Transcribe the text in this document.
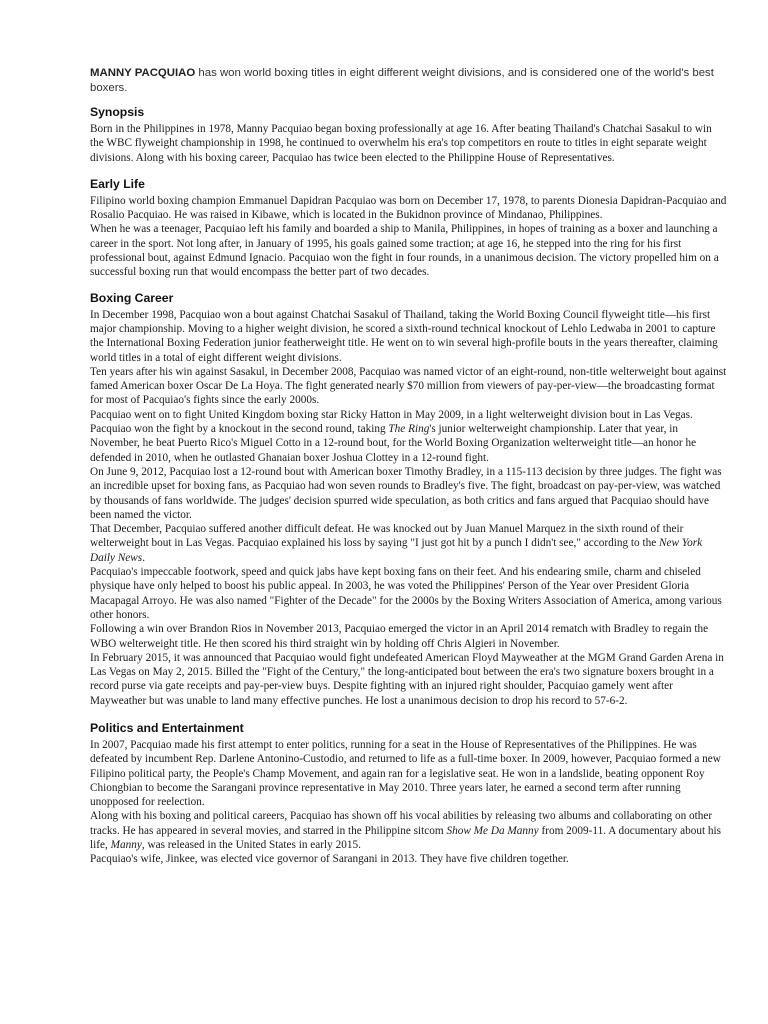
MANNY PACQUIAO has won world boxing titles in eight different weight divisions, and is considered one of the world's best boxers.
Synopsis

Born in the Philippines in 1978, Manny Pacquiao began boxing professionally at age 16. After beating Thailand's Chatchai Sasakul to win the WBC flyweight championship in 1998, he continued to overwhelm his era's top competitors en route to titles in eight separate weight divisions. Along with his boxing career, Pacquiao has twice been elected to the Philippine House of Representatives.

Early Life

Filipino world boxing champion Emmanuel Dapidran Pacquiao was born on December 17, 1978, to parents Dionesia Dapidran-Pacquiao and Rosalio Pacquiao. He was raised in Kibawe, which is located in the Bukidnon province of Mindanao, Philippines.

When he was a teenager, Pacquiao left his family and boarded a ship to Manila, Philippines, in hopes of training as a boxer and launching a career in the sport. Not long after, in January of 1995, his goals gained some traction; at age 16, he stepped into the ring for his first professional bout, against Edmund Ignacio. Pacquiao won the fight in four rounds, in a unanimous decision. The victory propelled him on a successful boxing run that would encompass the better part of two decades.

Boxing Career

In December 1998, Pacquiao won a bout against Chatchai Sasakul of Thailand, taking the World Boxing Council flyweight title—his first major championship. Moving to a higher weight division, he scored a sixth-round technical knockout of Lehlo Ledwaba in 2001 to capture the International Boxing Federation junior featherweight title. He went on to win several high-profile bouts in the years thereafter, claiming world titles in a total of eight different weight divisions.

Ten years after his win against Sasakul, in December 2008, Pacquiao was named victor of an eight-round, non-title welterweight bout against famed American boxer Oscar De La Hoya. The fight generated nearly $70 million from viewers of pay-per-view—the broadcasting format for most of Pacquiao's fights since the early 2000s.

Pacquiao went on to fight United Kingdom boxing star Ricky Hatton in May 2009, in a light welterweight division bout in Las Vegas. Pacquiao won the fight by a knockout in the second round, taking The Ring's junior welterweight championship. Later that year, in November, he beat Puerto Rico's Miguel Cotto in a 12-round bout, for the World Boxing Organization welterweight title—an honor he defended in 2010, when he outlasted Ghanaian boxer Joshua Clottey in a 12-round fight.

On June 9, 2012, Pacquiao lost a 12-round bout with American boxer Timothy Bradley, in a 115-113 decision by three judges. The fight was an incredible upset for boxing fans, as Pacquiao had won seven rounds to Bradley's five. The fight, broadcast on pay-per-view, was watched by thousands of fans worldwide. The judges' decision spurred wide speculation, as both critics and fans argued that Pacquiao should have been named the victor.

That December, Pacquiao suffered another difficult defeat. He was knocked out by Juan Manuel Marquez in the sixth round of their welterweight bout in Las Vegas. Pacquiao explained his loss by saying "I just got hit by a punch I didn't see," according to the New York Daily News.

Pacquiao's impeccable footwork, speed and quick jabs have kept boxing fans on their feet. And his endearing smile, charm and chiseled physique have only helped to boost his public appeal. In 2003, he was voted the Philippines' Person of the Year over President Gloria Macapagal Arroyo. He was also named "Fighter of the Decade" for the 2000s by the Boxing Writers Association of America, among various other honors.

Following a win over Brandon Rios in November 2013, Pacquiao emerged the victor in an April 2014 rematch with Bradley to regain the WBO welterweight title. He then scored his third straight win by holding off Chris Algieri in November.

In February 2015, it was announced that Pacquiao would fight undefeated American Floyd Mayweather at the MGM Grand Garden Arena in Las Vegas on May 2, 2015. Billed the "Fight of the Century," the long-anticipated bout between the era's two signature boxers brought in a record purse via gate receipts and pay-per-view buys. Despite fighting with an injured right shoulder, Pacquiao gamely went after Mayweather but was unable to land many effective punches. He lost a unanimous decision to drop his record to 57-6-2.

Politics and Entertainment

In 2007, Pacquiao made his first attempt to enter politics, running for a seat in the House of Representatives of the Philippines. He was defeated by incumbent Rep. Darlene Antonino-Custodio, and returned to life as a full-time boxer. In 2009, however, Pacquiao formed a new Filipino political party, the People's Champ Movement, and again ran for a legislative seat. He won in a landslide, beating opponent Roy Chiongbian to become the Sarangani province representative in May 2010. Three years later, he earned a second term after running unopposed for reelection.

Along with his boxing and political careers, Pacquiao has shown off his vocal abilities by releasing two albums and collaborating on other tracks. He has appeared in several movies, and starred in the Philippine sitcom Show Me Da Manny from 2009-11. A documentary about his life, Manny, was released in the United States in early 2015.

Pacquiao's wife, Jinkee, was elected vice governor of Sarangani in 2013. They have five children together.
